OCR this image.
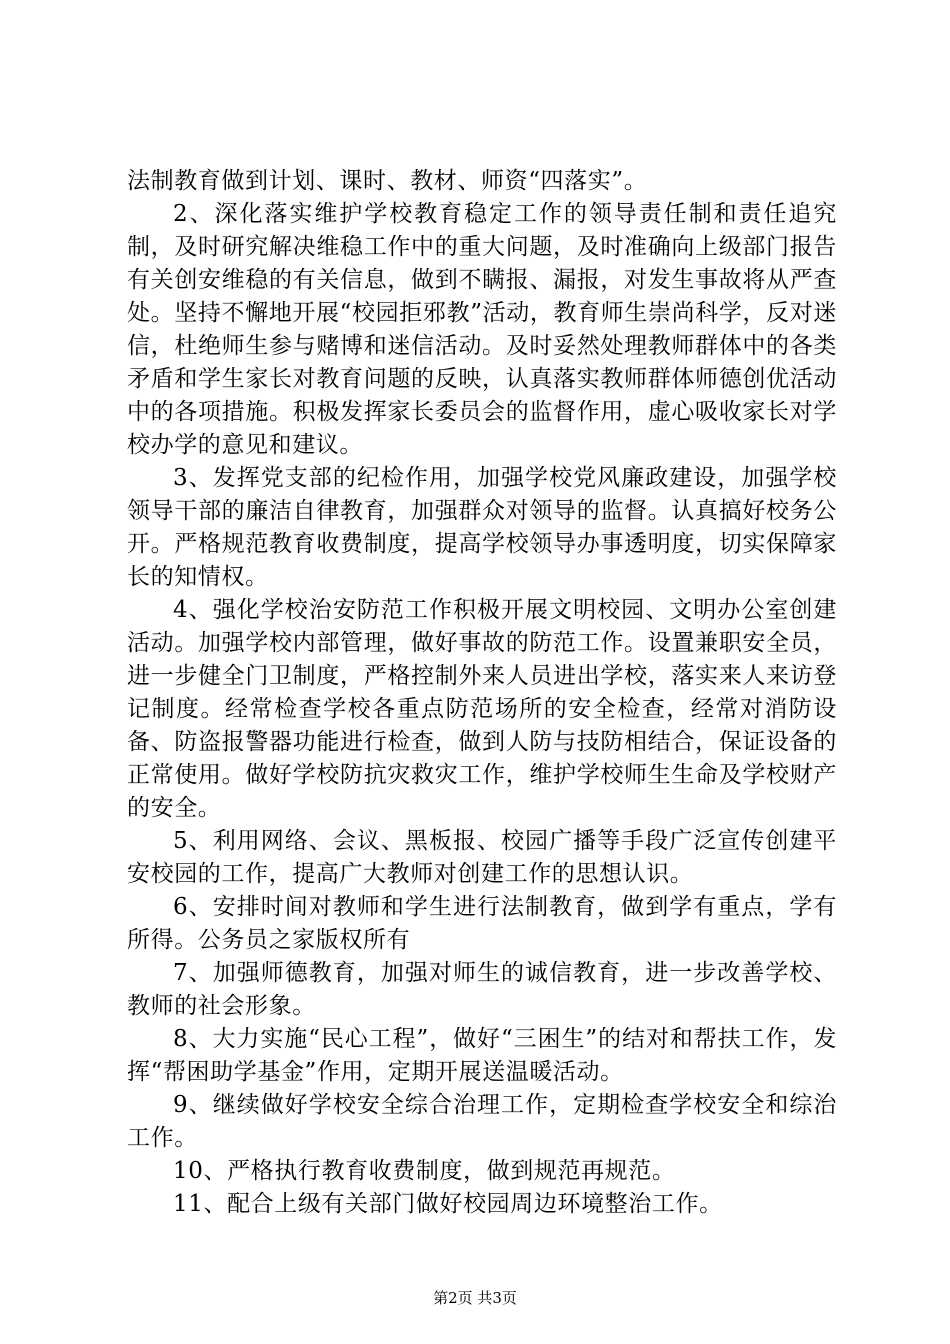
法制教育做到计划、课时、教材、师资“四落实”。

2、深化落实维护学校教育稳定工作的领导责任制和责任追究制，及时研究解决维稳工作中的重大问题，及时准确向上级部门报告有关创安维稳的有关信息，做到不瞒报、漏报，对发生事故将从严查处。坚持不懈地开展“校园拒邪教”活动，教育师生崇尚科学，反对迷信，杜绝师生参与赌博和迷信活动。及时妥然处理教师群体中的各类矛盾和学生家长对教育问题的反映，认真落实教师群体师德创优活动中的各项措施。积极发挥家长委员会的监督作用，虚心吸收家长对学校办学的意见和建议。

3、发挥党支部的纪检作用，加强学校党风廉政建设，加强学校领导干部的廉洁自律教育，加强群众对领导的监督。认真搞好校务公开。严格规范教育收费制度，提高学校领导办事透明度，切实保障家长的知情权。

4、强化学校治安防范工作积极开展文明校园、文明办公室创建活动。加强学校内部管理，做好事故的防范工作。设置兼职安全员，进一步健全门卫制度，严格控制外来人员进出学校，落实来人来访登记制度。经常检查学校各重点防范场所的安全检查，经常对消防设备、防盗报警器功能进行检查，做到人防与技防相结合，保证设备的正常使用。做好学校防抗灾救灾工作，维护学校师生生命及学校财产的安全。

5、利用网络、会议、黑板报、校园广播等手段广泛宣传创建平安校园的工作，提高广大教师对创建工作的思想认识。

6、安排时间对教师和学生进行法制教育，做到学有重点，学有所得。公务员之家版权所有

7、加强师德教育，加强对师生的诚信教育，进一步改善学校、教师的社会形象。

8、大力实施“民心工程”，做好“三困生”的结对和帮扶工作，发挥“帮困助学基金”作用，定期开展送温暖活动。

9、继续做好学校安全综合治理工作，定期检查学校安全和综治工作。

10、严格执行教育收费制度，做到规范再规范。

11、配合上级有关部门做好校园周边环境整治工作。

第2页 共3页
